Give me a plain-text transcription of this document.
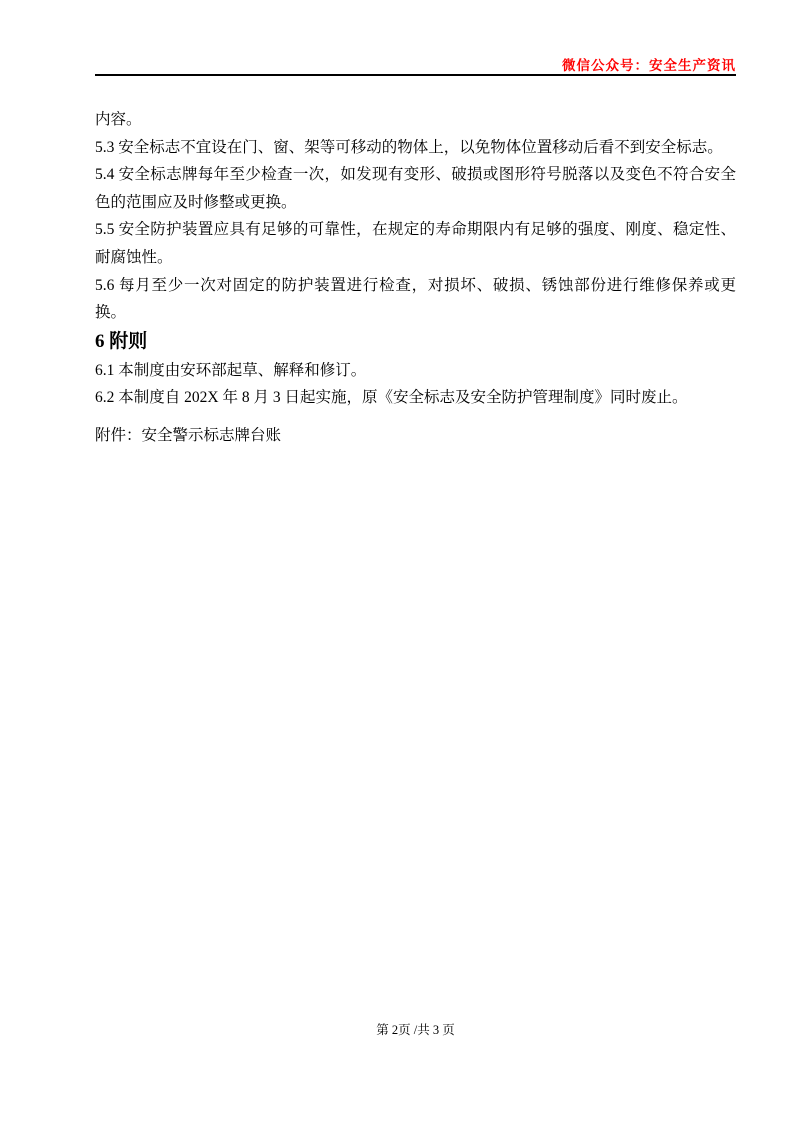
微信公众号：安全生产资讯

内容。

5.3 安全标志不宜设在门、窗、架等可移动的物体上，以免物体位置移动后看不到安全标志。

5.4 安全标志牌每年至少检查一次，如发现有变形、破损或图形符号脱落以及变色不符合安全色的范围应及时修整或更换。

5.5 安全防护装置应具有足够的可靠性，在规定的寿命期限内有足够的强度、刚度、稳定性、耐腐蚀性。

5.6 每月至少一次对固定的防护装置进行检查，对损坏、破损、锈蚀部份进行维修保养或更换。

6 附则

6.1 本制度由安环部起草、解释和修订。

6.2 本制度自 202X 年 8 月 3 日起实施，原《安全标志及安全防护管理制度》同时废止。

附件：安全警示标志牌台账

第 2页 /共 3 页
